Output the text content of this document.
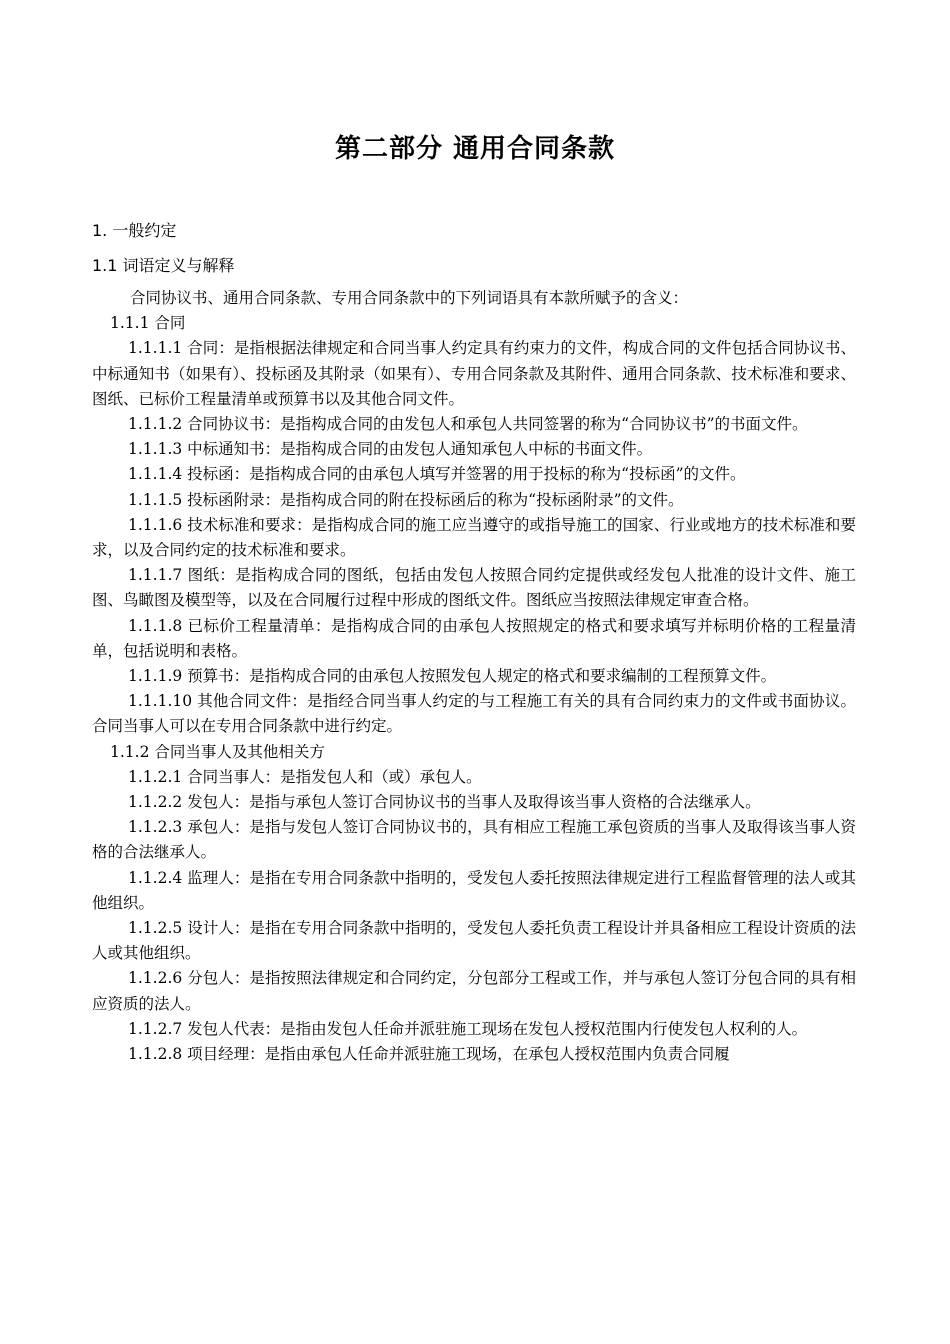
第二部分 通用合同条款
1. 一般约定
1.1 词语定义与解释

合同协议书、通用合同条款、专用合同条款中的下列词语具有本款所赋予的含义：

1.1.1 合同

1.1.1.1 合同：是指根据法律规定和合同当事人约定具有约束力的文件，构成合同的文件包括合同协议书、中标通知书（如果有）、投标函及其附录（如果有）、专用合同条款及其附件、通用合同条款、技术标准和要求、图纸、已标价工程量清单或预算书以及其他合同文件。

1.1.1.2 合同协议书：是指构成合同的由发包人和承包人共同签署的称为“合同协议书”的书面文件。

1.1.1.3 中标通知书：是指构成合同的由发包人通知承包人中标的书面文件。

1.1.1.4 投标函：是指构成合同的由承包人填写并签署的用于投标的称为“投标函”的文件。

1.1.1.5 投标函附录：是指构成合同的附在投标函后的称为“投标函附录”的文件。

1.1.1.6 技术标准和要求：是指构成合同的施工应当遵守的或指导施工的国家、行业或地方的技术标准和要求，以及合同约定的技术标准和要求。

1.1.1.7 图纸：是指构成合同的图纸，包括由发包人按照合同约定提供或经发包人批准的设计文件、施工图、鸟瞰图及模型等，以及在合同履行过程中形成的图纸文件。图纸应当按照法律规定审查合格。

1.1.1.8 已标价工程量清单：是指构成合同的由承包人按照规定的格式和要求填写并标明价格的工程量清单，包括说明和表格。

1.1.1.9 预算书：是指构成合同的由承包人按照发包人规定的格式和要求编制的工程预算文件。

1.1.1.10 其他合同文件：是指经合同当事人约定的与工程施工有关的具有合同约束力的文件或书面协议。合同当事人可以在专用合同条款中进行约定。

1.1.2 合同当事人及其他相关方

1.1.2.1 合同当事人：是指发包人和（或）承包人。

1.1.2.2 发包人：是指与承包人签订合同协议书的当事人及取得该当事人资格的合法继承人。

1.1.2.3 承包人：是指与发包人签订合同协议书的，具有相应工程施工承包资质的当事人及取得该当事人资格的合法继承人。

1.1.2.4 监理人：是指在专用合同条款中指明的，受发包人委托按照法律规定进行工程监督管理的法人或其他组织。

1.1.2.5 设计人：是指在专用合同条款中指明的，受发包人委托负责工程设计并具备相应工程设计资质的法人或其他组织。

1.1.2.6 分包人：是指按照法律规定和合同约定，分包部分工程或工作，并与承包人签订分包合同的具有相应资质的法人。

1.1.2.7 发包人代表：是指由发包人任命并派驻施工现场在发包人授权范围内行使发包人权利的人。

1.1.2.8 项目经理：是指由承包人任命并派驻施工现场，在承包人授权范围内负责合同履
